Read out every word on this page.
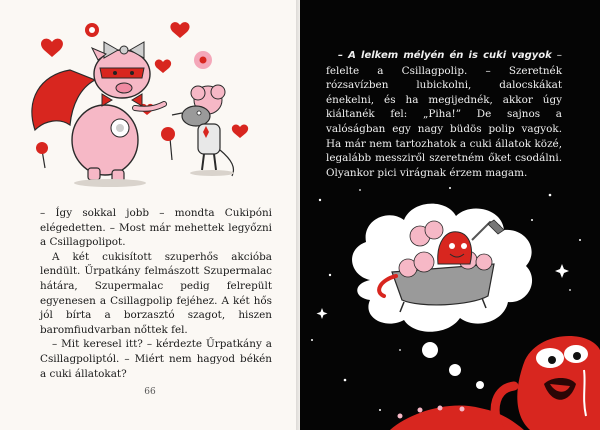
– Így sokkal jobb – mondta Cukipóni elégedetten. – Most már mehettek legyőzni a Csillagpolipot.

A két cukisított szuperhős akcióba lendült. Űrpatkány felmászott Szupermalac hátára, Szupermalac pedig felrepült egyenesen a Csillagpolip fejéhez. A két hős jól bírta a borzasztó szagot, hiszen baromfiudvarban nőttek fel.

– Mit keresel itt? – kérdezte Űrpatkány a Csillagpoliptól. – Miért nem hagyod békén a cuki állatokat?

66

– A lelkem mélyén én is cuki vagyok – felelte a Csillagpolip. – Szeretnék rózsavízben lubickolni, dalocskákat énekelni, és ha megijednék, akkor úgy kiáltanék fel: „Piha!” De sajnos a valóságban egy nagy büdös polip vagyok. Ha már nem tartozhatok a cuki állatok közé, legalább messziről szeretném őket csodálni. Olyankor pici virágnak érzem magam.
